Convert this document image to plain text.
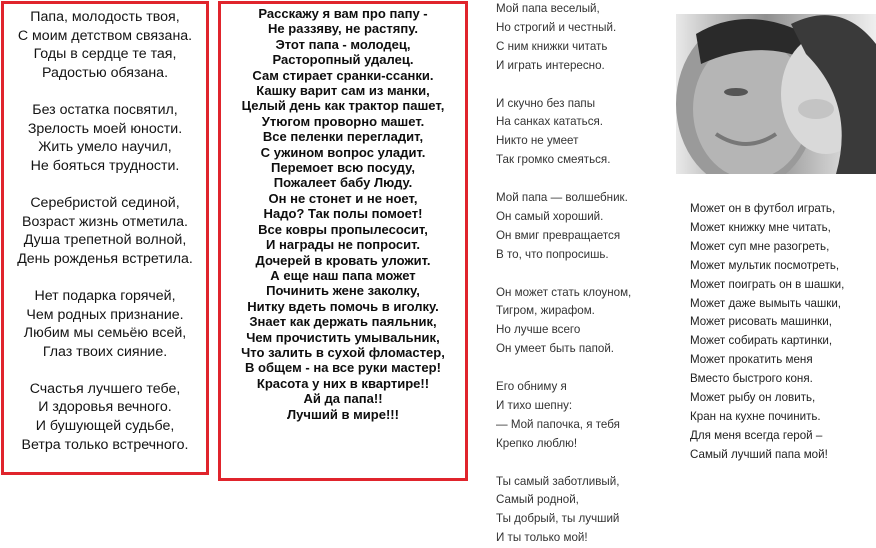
Папа, молодость твоя,
С моим детством связана.
Годы в сердце те тая,
Радостью обязана.
Без остатка посвятил,
Зрелость моей юности.
Жить умело научил,
Не бояться трудности.
Серебристой сединой,
Возраст жизнь отметила.
Душа трепетной волной,
День рожденья встретила.
Нет подарка горячей,
Чем родных признание.
Любим мы семьёю всей,
Глаз твоих сияние.
Счастья лучшего тебе,
И здоровья вечного.
И бушующей судьбе,
Ветра только встречного.
Расскажу я вам про папу -
Не раззяву, не растяпу.
Этот папа - молодец,
Расторопный удалец.
Сам стирает сранки-ссанки.
Кашку варит сам из манки,
Целый день как трактор пашет,
Утюгом проворно машет.
Все пеленки перегладит,
С ужином вопрос уладит.
Перемоет всю посуду,
Пожалеет бабу Люду.
Он не стонет и не ноет,
Надо? Так полы помоет!
Все ковры пропылесосит,
И награды не попросит.
Дочерей в кровать уложит.
А еще наш папа может
Починить жене заколку,
Нитку вдеть помочь в иголку.
Знает как держать паяльник,
Чем прочистить умывальник,
Что залить в сухой фломастер,
В общем - на все руки мастер!
Красота у них в квартире!!
Ай да папа!!
Лучший в мире!!!
Мой папа веселый,
Но строгий и честный.
С ним книжки читать
И играть интересно.
И скучно без папы
На санках кататься.
Никто не умеет
Так громко смеяться.
Мой папа — волшебник.
Он самый хороший.
Он вмиг превращается
В то, что попросишь.
Он может стать клоуном,
Тигром, жирафом.
Но лучше всего
Он умеет быть папой.
Его обниму я
И тихо шепну:
— Мой папочка, я тебя
Крепко люблю!
Ты самый заботливый,
Самый родной,
Ты добрый, ты лучший
И ты только мой!
Может он в футбол играть,
Может книжку мне читать,
Может суп мне разогреть,
Может мультик посмотреть,
Может поиграть он в шашки,
Может даже вымыть чашки,
Может рисовать машинки,
Может собирать картинки,
Может прокатить меня
Вместо быстрого коня.
Может рыбу он ловить,
Кран на кухне починить.
Для меня всегда герой –
Самый лучший папа мой!
